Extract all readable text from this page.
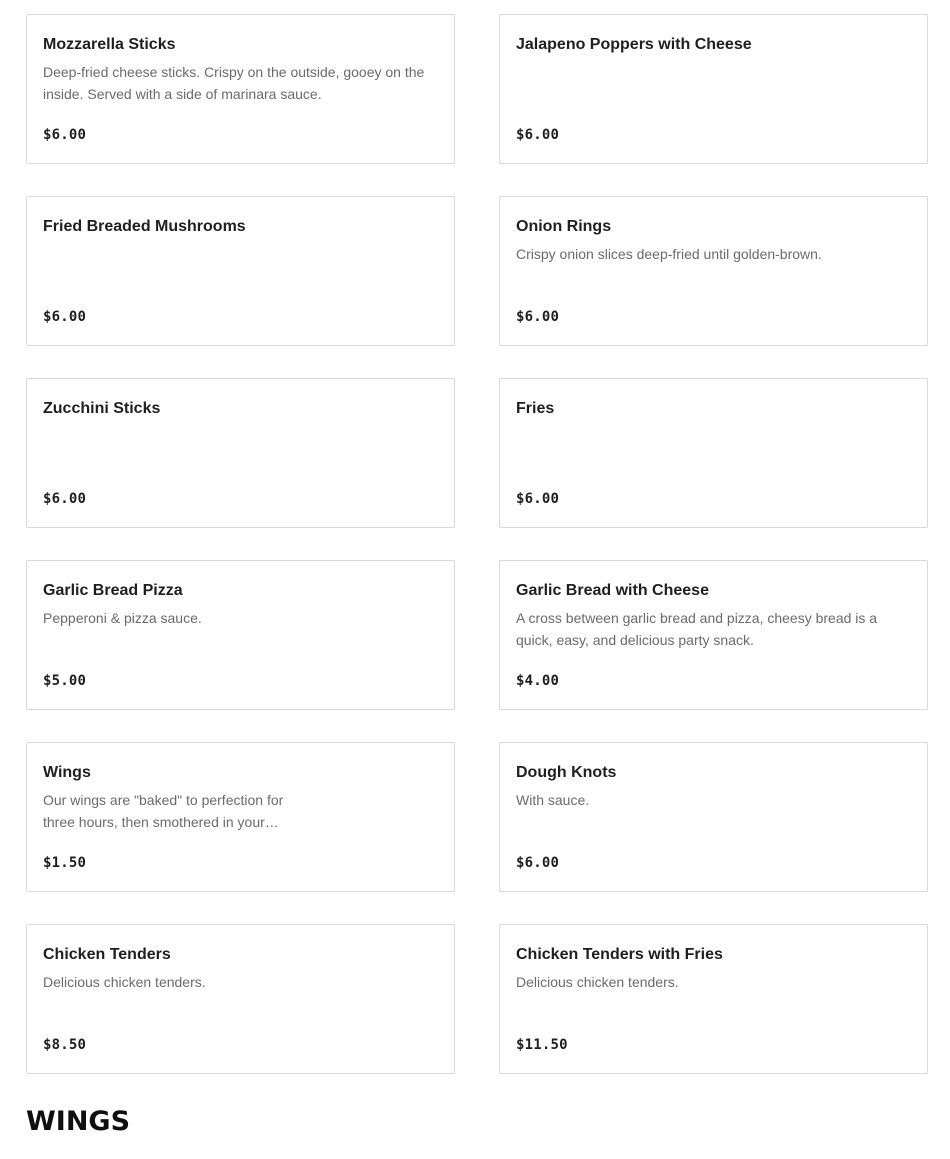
Mozzarella Sticks
Deep-fried cheese sticks. Crispy on the outside, gooey on the inside. Served with a side of marinara sauce.
$6.00
Jalapeno Poppers with Cheese
$6.00
Fried Breaded Mushrooms
$6.00
Onion Rings
Crispy onion slices deep-fried until golden-brown.
$6.00
Zucchini Sticks
$6.00
Fries
$6.00
Garlic Bread Pizza
Pepperoni & pizza sauce.
$5.00
Garlic Bread with Cheese
A cross between garlic bread and pizza, cheesy bread is a quick, easy, and delicious party snack.
$4.00
Wings
Our wings are "baked" to perfection for three hours, then smothered in your…
$1.50
Dough Knots
With sauce.
$6.00
Chicken Tenders
Delicious chicken tenders.
$8.50
Chicken Tenders with Fries
Delicious chicken tenders.
$11.50
WINGS
